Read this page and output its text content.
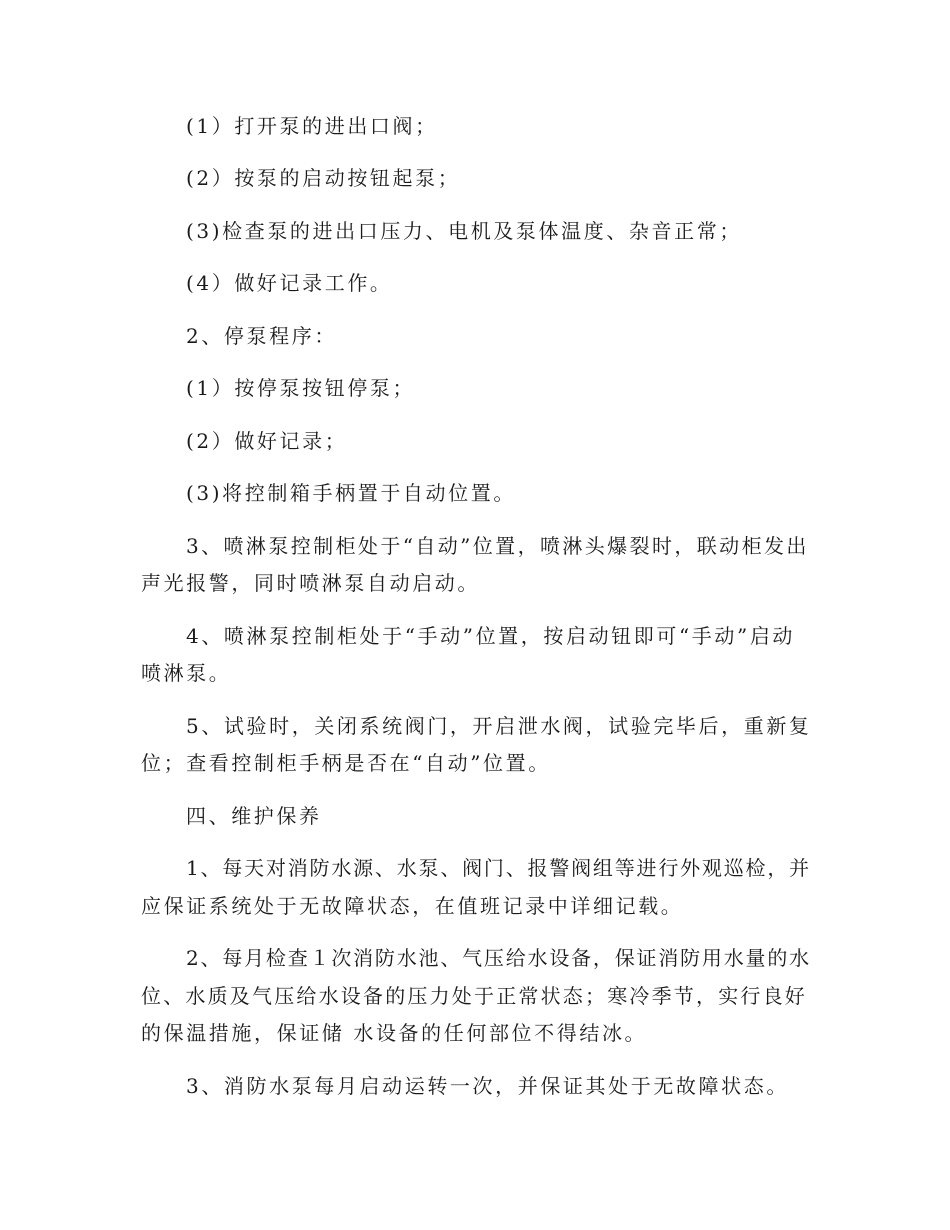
(1）打开泵的进出口阀；
(2）按泵的启动按钮起泵；
(3)检查泵的进出口压力、电机及泵体温度、杂音正常；
(4）做好记录工作。
2、停泵程序：
(1）按停泵按钮停泵；
(2）做好记录；
(3)将控制箱手柄置于自动位置。
3、喷淋泵控制柜处于“自动”位置，喷淋头爆裂时，联动柜发出
声光报警，同时喷淋泵自动启动。
4、喷淋泵控制柜处于“手动”位置，按启动钮即可“手动”启动
喷淋泵。
5、试验时，关闭系统阀门，开启泄水阀，试验完毕后，重新复
位；查看控制柜手柄是否在“自动”位置。
四、维护保养
1、每天对消防水源、水泵、阀门、报警阀组等进行外观巡检，并
应保证系统处于无故障状态，在值班记录中详细记载。
2、每月检查１次消防水池、气压给水设备，保证消防用水量的水
位、水质及气压给水设备的压力处于正常状态；寒冷季节，实行良好
的保温措施，保证储 水设备的任何部位不得结冰。
3、消防水泵每月启动运转一次，并保证其处于无故障状态。
